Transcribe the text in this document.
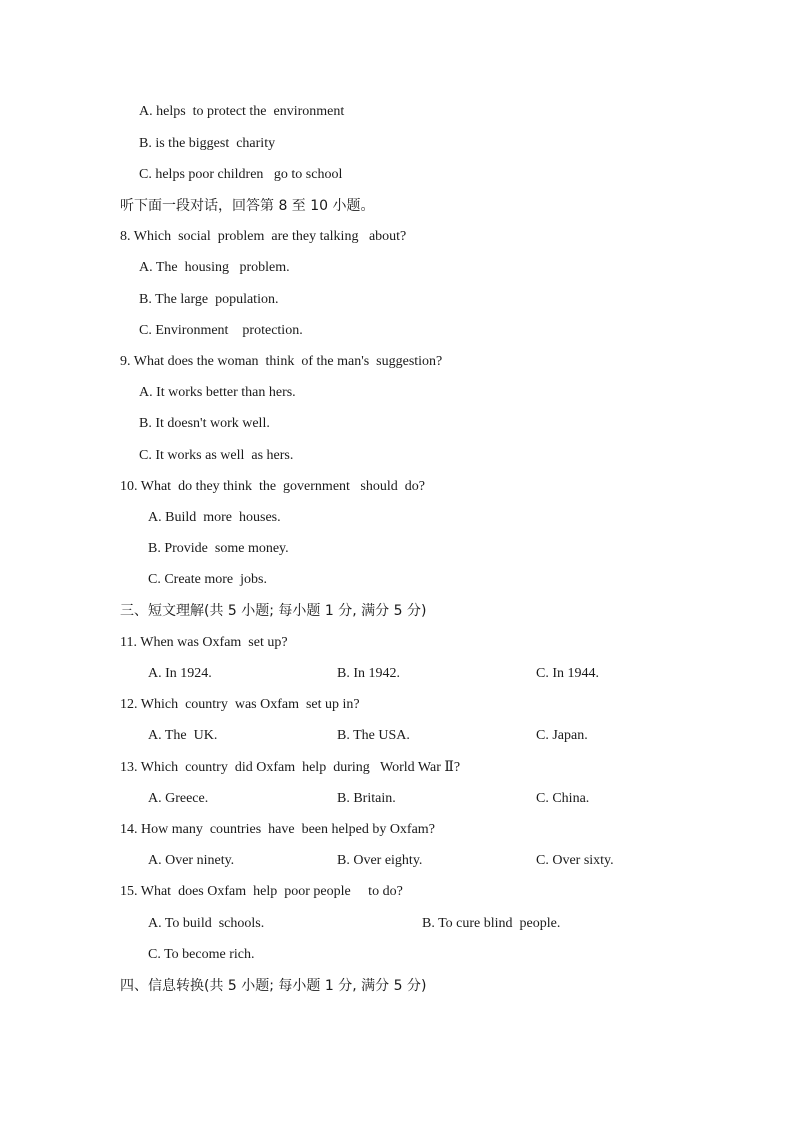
A. helps  to protect the  environment
B. is the biggest  charity
C. helps poor children   go to school
听下面一段对话，回答第 8 至 10 小题。
8. Which  social  problem  are they talking   about?
A. The  housing   problem.
B. The large  population.
C. Environment    protection.
9. What does the woman  think  of the man's  suggestion?
A. It works better than hers.
B. It doesn't work well.
C. It works as well  as hers.
10. What  do they think  the  government   should  do?
A. Build  more  houses.
B. Provide  some money.
C. Create more  jobs.
三、短文理解(共 5 小题; 每小题 1 分, 满分 5 分)
11. When was Oxfam  set up?
A. In 1924.	B. In 1942.	C. In 1944.
12. Which  country  was Oxfam  set up in?
A. The  UK.	B. The USA.	C. Japan.
13. Which  country  did Oxfam  help  during   World War Ⅱ?
A. Greece.	B. Britain.	C. China.
14. How many  countries  have  been helped by Oxfam?
A. Over ninety.	B. Over eighty.	C. Over sixty.
15. What  does Oxfam  help  poor people     to do?
A. To build  schools.	B. To cure blind  people.
C. To become rich.
四、信息转换(共 5 小题; 每小题 1 分, 满分 5 分)
